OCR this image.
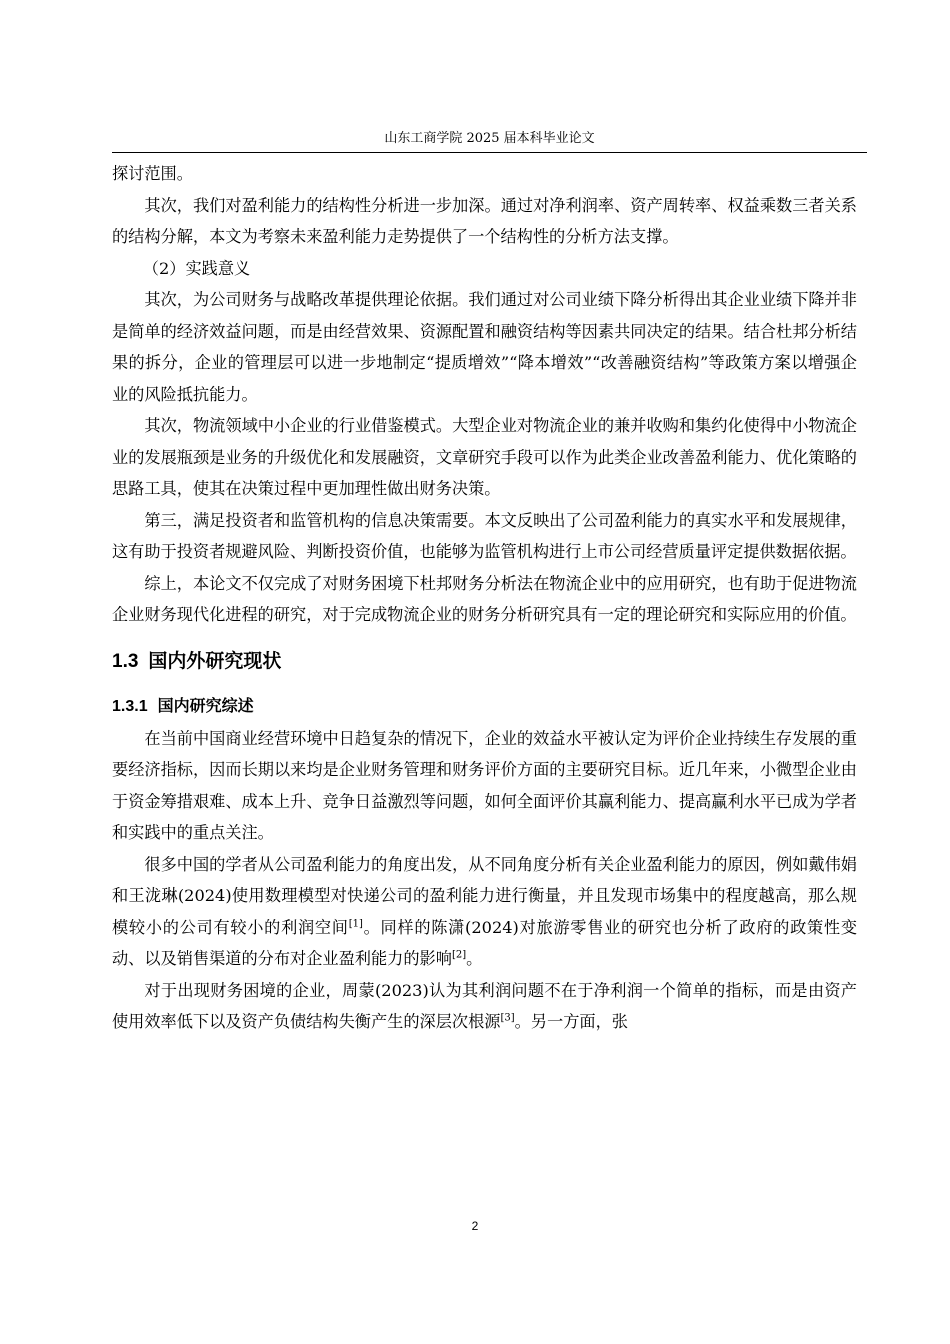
山东工商学院 2025 届本科毕业论文

探讨范围。

其次，我们对盈利能力的结构性分析进一步加深。通过对净利润率、资产周转率、权益乘数三者关系的结构分解，本文为考察未来盈利能力走势提供了一个结构性的分析方法支撑。

（2）实践意义

其次，为公司财务与战略改革提供理论依据。我们通过对公司业绩下降分析得出其企业业绩下降并非是简单的经济效益问题，而是由经营效果、资源配置和融资结构等因素共同决定的结果。结合杜邦分析结果的拆分，企业的管理层可以进一步地制定“提质增效”“降本增效”“改善融资结构”等政策方案以增强企业的风险抵抗能力。

其次，物流领域中小企业的行业借鉴模式。大型企业对物流企业的兼并收购和集约化使得中小物流企业的发展瓶颈是业务的升级优化和发展融资，文章研究手段可以作为此类企业改善盈利能力、优化策略的思路工具，使其在决策过程中更加理性做出财务决策。

第三，满足投资者和监管机构的信息决策需要。本文反映出了公司盈利能力的真实水平和发展规律，这有助于投资者规避风险、判断投资价值，也能够为监管机构进行上市公司经营质量评定提供数据依据。

综上，本论文不仅完成了对财务困境下杜邦财务分析法在物流企业中的应用研究，也有助于促进物流企业财务现代化进程的研究，对于完成物流企业的财务分析研究具有一定的理论研究和实际应用的价值。

1.3 国内外研究现状
1.3.1 国内研究综述

在当前中国商业经营环境中日趋复杂的情况下，企业的效益水平被认定为评价企业持续生存发展的重要经济指标，因而长期以来均是企业财务管理和财务评价方面的主要研究目标。近几年来，小微型企业由于资金筹措艰难、成本上升、竞争日益激烈等问题，如何全面评价其赢利能力、提高赢利水平已成为学者和实践中的重点关注。

很多中国的学者从公司盈利能力的角度出发，从不同角度分析有关企业盈利能力的原因，例如戴伟娟和王泷琳(2024)使用数理模型对快递公司的盈利能力进行衡量，并且发现市场集中的程度越高，那么规模较小的公司有较小的利润空间[1]。同样的陈潇(2024)对旅游零售业的研究也分析了政府的政策性变动、以及销售渠道的分布对企业盈利能力的影响[2]。

对于出现财务困境的企业，周蒙(2023)认为其利润问题不在于净利润一个简单的指标，而是由资产使用效率低下以及资产负债结构失衡产生的深层次根源[3]。另一方面，张

2
